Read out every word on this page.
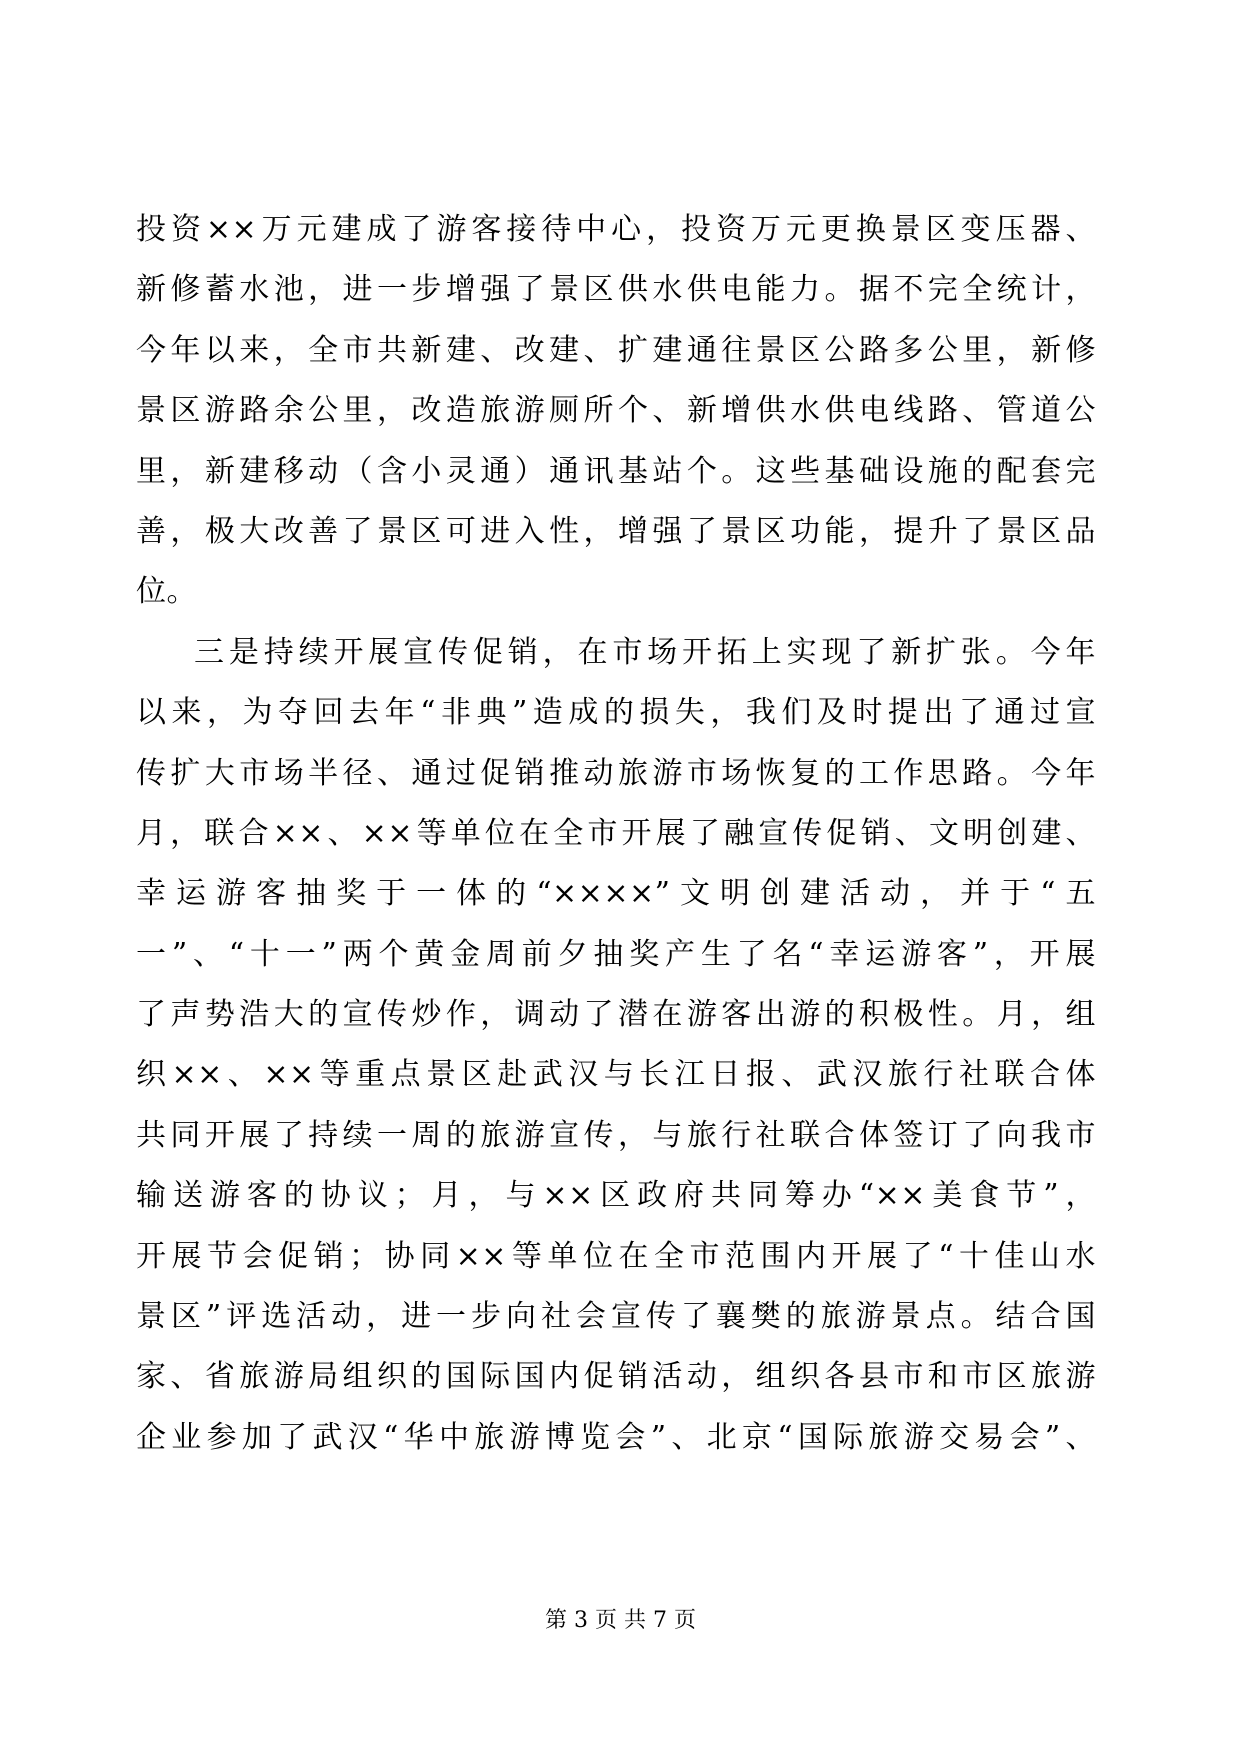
投资××万元建成了游客接待中心，投资万元更换景区变压器、
新修蓄水池，进一步增强了景区供水供电能力。据不完全统计，
今年以来，全市共新建、改建、扩建通往景区公路多公里，新修
景区游路余公里，改造旅游厕所个、新增供水供电线路、管道公
里，新建移动（含小灵通）通讯基站个。这些基础设施的配套完
善，极大改善了景区可进入性，增强了景区功能，提升了景区品
位。
三是持续开展宣传促销，在市场开拓上实现了新扩张。今年
以来，为夺回去年“非典”造成的损失，我们及时提出了通过宣
传扩大市场半径、通过促销推动旅游市场恢复的工作思路。今年
月，联合××、××等单位在全市开展了融宣传促销、文明创建、
幸运游客抽奖于一体的“××××”文明创建活动，并于“五
一”、“十一”两个黄金周前夕抽奖产生了名“幸运游客”，开展
了声势浩大的宣传炒作，调动了潜在游客出游的积极性。月，组
织××、××等重点景区赴武汉与长江日报、武汉旅行社联合体
共同开展了持续一周的旅游宣传，与旅行社联合体签订了向我市
输送游客的协议；月，与××区政府共同筹办“××美食节”，
开展节会促销；协同××等单位在全市范围内开展了“十佳山水
景区”评选活动，进一步向社会宣传了襄樊的旅游景点。结合国
家、省旅游局组织的国际国内促销活动，组织各县市和市区旅游
企业参加了武汉“华中旅游博览会”、北京“国际旅游交易会”、
第 3 页 共 7 页
